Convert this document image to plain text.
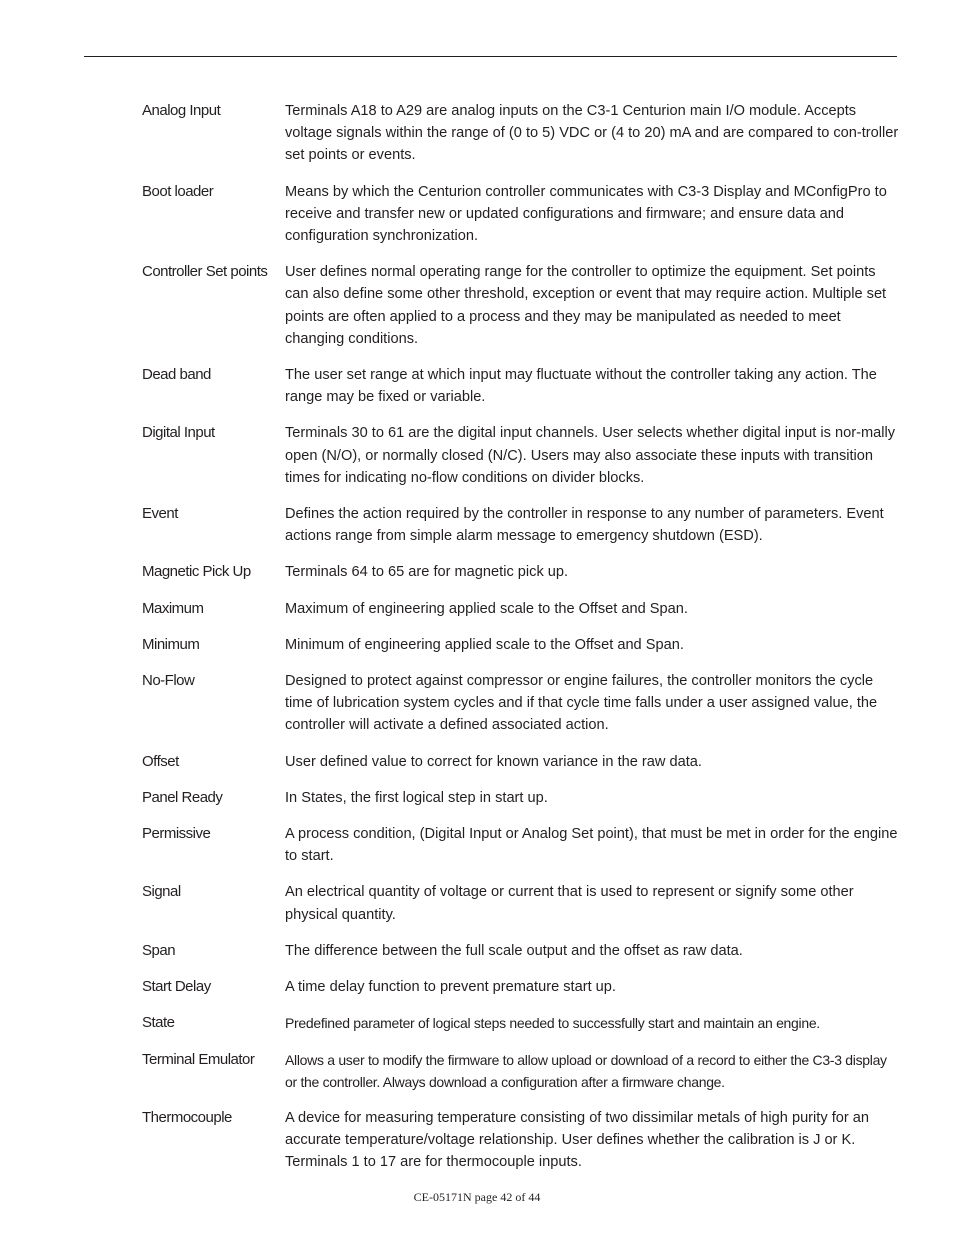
Analog Input	Terminals A18 to A29 are analog inputs on the C3-1 Centurion main I/O module. Accepts voltage signals within the range of (0 to 5) VDC or (4 to 20) mA and are compared to con-troller set points or events.
Boot loader	Means by which the Centurion controller communicates with C3-3 Display and MConfigPro to receive and transfer new or updated configurations and firmware; and ensure data and configuration synchronization.
Controller Set points	User defines normal operating range for the controller to optimize the equipment. Set points can also define some other threshold, exception or event that may require action. Multiple set points are often applied to a process and they may be manipulated as needed to meet changing conditions.
Dead band	The user set range at which input may fluctuate without the controller taking any action. The range may be fixed or variable.
Digital Input	Terminals 30 to 61 are the digital input channels. User selects whether digital input is nor-mally open (N/O), or normally closed (N/C). Users may also associate these inputs with transition times for indicating no-flow conditions on divider blocks.
Event	Defines the action required by the controller in response to any number of parameters. Event actions range from simple alarm message to emergency shutdown (ESD).
Magnetic Pick Up	Terminals 64 to 65 are for magnetic pick up.
Maximum	Maximum of engineering applied scale to the Offset and Span.
Minimum	Minimum of engineering applied scale to the Offset and Span.
No-Flow	Designed to protect against compressor or engine failures, the controller monitors the cycle time of lubrication system cycles and if that cycle time falls under a user assigned value, the controller will activate a defined associated action.
Offset	User defined value to correct for known variance in the raw data.
Panel Ready	In States, the first logical step in start up.
Permissive	A process condition, (Digital Input or Analog Set point), that must be met in order for the engine to start.
Signal	An electrical quantity of voltage or current that is used to represent or signify some other physical quantity.
Span	The difference between the full scale output and the offset as raw data.
Start Delay	A time delay function to prevent premature start up.
State	Predefined parameter of logical steps needed to successfully start and maintain an engine.
Terminal Emulator	Allows a user to modify the firmware to allow upload or download of a record to either the C3-3 display or the controller. Always download a configuration after a firmware change.
Thermocouple	A device for measuring temperature consisting of two dissimilar metals of high purity for an accurate temperature/voltage relationship. User defines whether the calibration is J or K. Terminals 1 to 17 are for thermocouple inputs.
CE-05171N page 42 of 44
